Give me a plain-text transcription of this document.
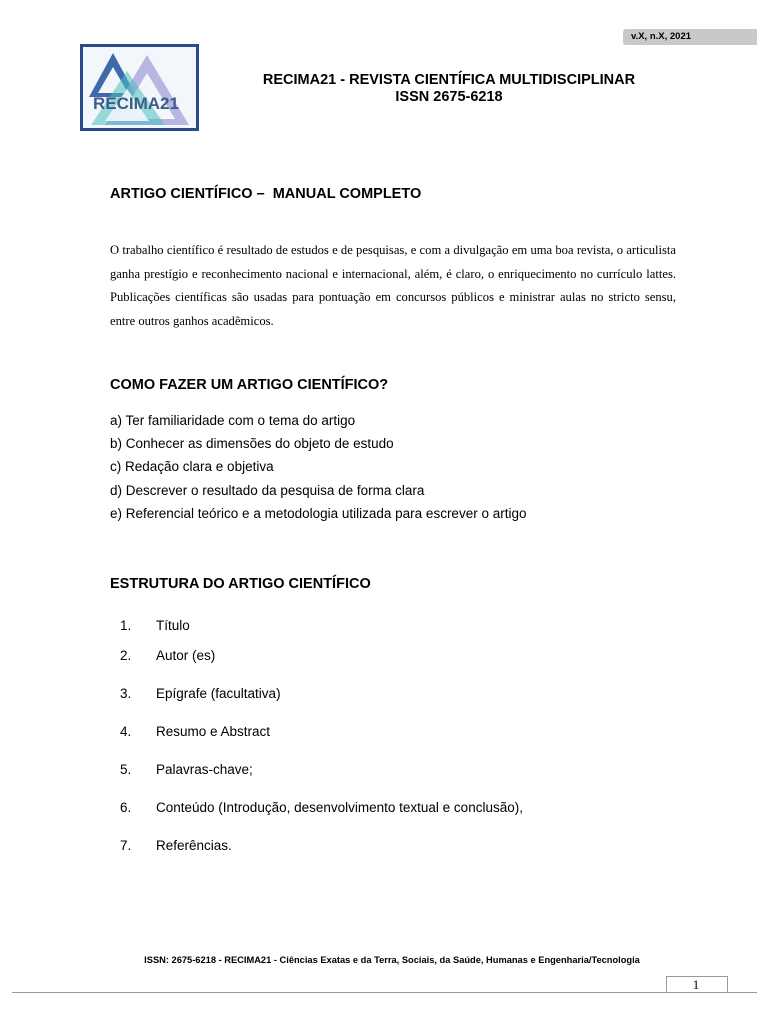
v.X, n.X, 2021
RECIMA21
RECIMA21 - REVISTA CIENTÍFICA MULTIDISCIPLINAR
ISSN 2675-6218
ARTIGO CIENTÍFICO –  MANUAL COMPLETO

O trabalho científico é resultado de estudos e de pesquisas, e com a divulgação em uma boa revista, o articulista ganha prestígio e reconhecimento nacional e internacional, além, é claro, o enriquecimento no currículo lattes. Publicações científicas são usadas para pontuação em concursos públicos e ministrar aulas no stricto sensu, entre outros ganhos acadêmicos.

COMO FAZER UM ARTIGO CIENTÍFICO?
a) Ter familiaridade com o tema do artigo
b) Conhecer as dimensões do objeto de estudo
c) Redação clara e objetiva
d) Descrever o resultado da pesquisa de forma clara
e) Referencial teórico e a metodologia utilizada para escrever o artigo
ESTRUTURA DO ARTIGO CIENTÍFICO
1. Título
2. Autor (es)
3. Epígrafe (facultativa)
4. Resumo e Abstract
5. Palavras-chave;
6. Conteúdo (Introdução, desenvolvimento textual e conclusão),
7. Referências.
ISSN: 2675-6218 - RECIMA21 - Ciências Exatas e da Terra, Sociais, da Saúde, Humanas e Engenharia/Tecnologia
1
